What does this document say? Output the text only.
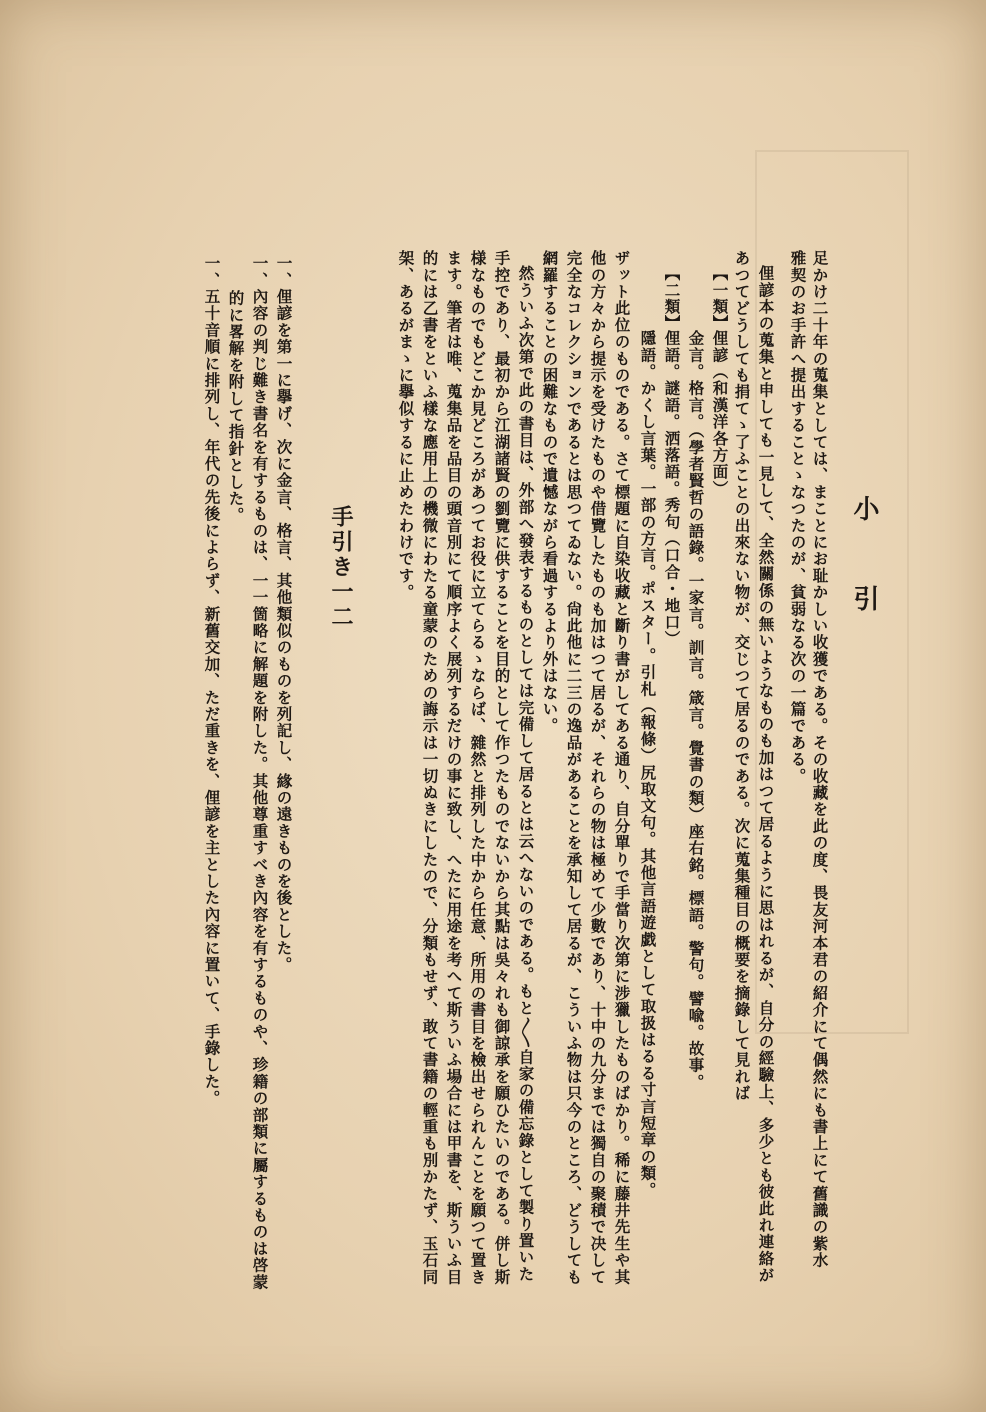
小引
足かけ二十年の蒐集としては、まことにお耻かしい收獲である。その收藏を此の度、畏友河本君の紹介にて偶然にも書上にて舊識の紫水
雅契のお手許へ提出することゝなつたのが、貧弱なる次の一篇である。
俚諺本の蒐集と申しても一見して、全然關係の無いようなものも加はつて居るように思はれるが、自分の經驗上、多少とも彼此れ連絡が
あつてどうしても捐てゝ了ふことの出來ない物が、交じつて居るのである。次に蒐集種目の概要を摘錄して見れば
【一類】
俚諺（和漢洋各方面）
金言。格言。（學者賢哲の語錄。一家言。訓言。箴言。覺書の類）座右銘。標語。警句。譬喩。故事。
俚語。謎語。洒落語。秀句（口合・地口）
【二類】
隱語。かくし言葉。一部の方言。ポスター。引札（報條）尻取文句。其他言語遊戯として取扱はるる寸言短章の類。
ザット此位のものである。さて標題に自染收藏と斷り書がしてある通り、自分單りで手當り次第に涉獵したものばかり。稀に藤井先生や其
他の方々から提示を受けたものや借覽したものも加はつて居るが、それらの物は極めて少數であり、十中の九分までは獨自の聚積で决して
完全なコレクションであるとは思つてゐない。尙此他に二三の逸品があることを承知して居るが、こういふ物は只今のところ、どうしても
網羅することの困難なもので遺憾ながら看過するより外はない。
然ういふ次第で此の書目は、外部へ發表するものとしては完備して居るとは云へないのである。もと〳〵自家の備忘錄として製り置いた
手控であり、最初から江湖諸賢の劉覽に供することを目的として作つたものでないから其點は吳々れも御諒承を願ひたいのである。併し斯
様なものでもどこか見どころがあつてお役に立てらるゝならば、雜然と排列した中から任意、所用の書目を檢出せられんことを願つて置き
ます。筆者は唯、蒐集品を品目の頭音別にて順序よく展列するだけの事に致し、へたに用途を考へて斯ういふ場合には甲書を、斯ういふ目
的には乙書をといふ樣な應用上の機微にわたる童蒙のための誨示は一切ぬきにしたので、分類もせず、敢て書籍の輕重も別かたず、玉石同
架、あるがまゝに擧似するに止めたわけです。
手引き一二
一、俚諺を第一に擧げ、次に金言、格言、其他類似のものを列記し、緣の遠きものを後とした。
一、內容の判じ難き書名を有するものは、一一箇略に解題を附した。其他尊重すべき內容を有するものや、珍籍の部類に屬するものは啓蒙
的に畧解を附して指針とした。
一、五十音順に排列し、年代の先後によらず、新舊交加、ただ重きを、俚諺を主とした內容に置いて、手錄した。
